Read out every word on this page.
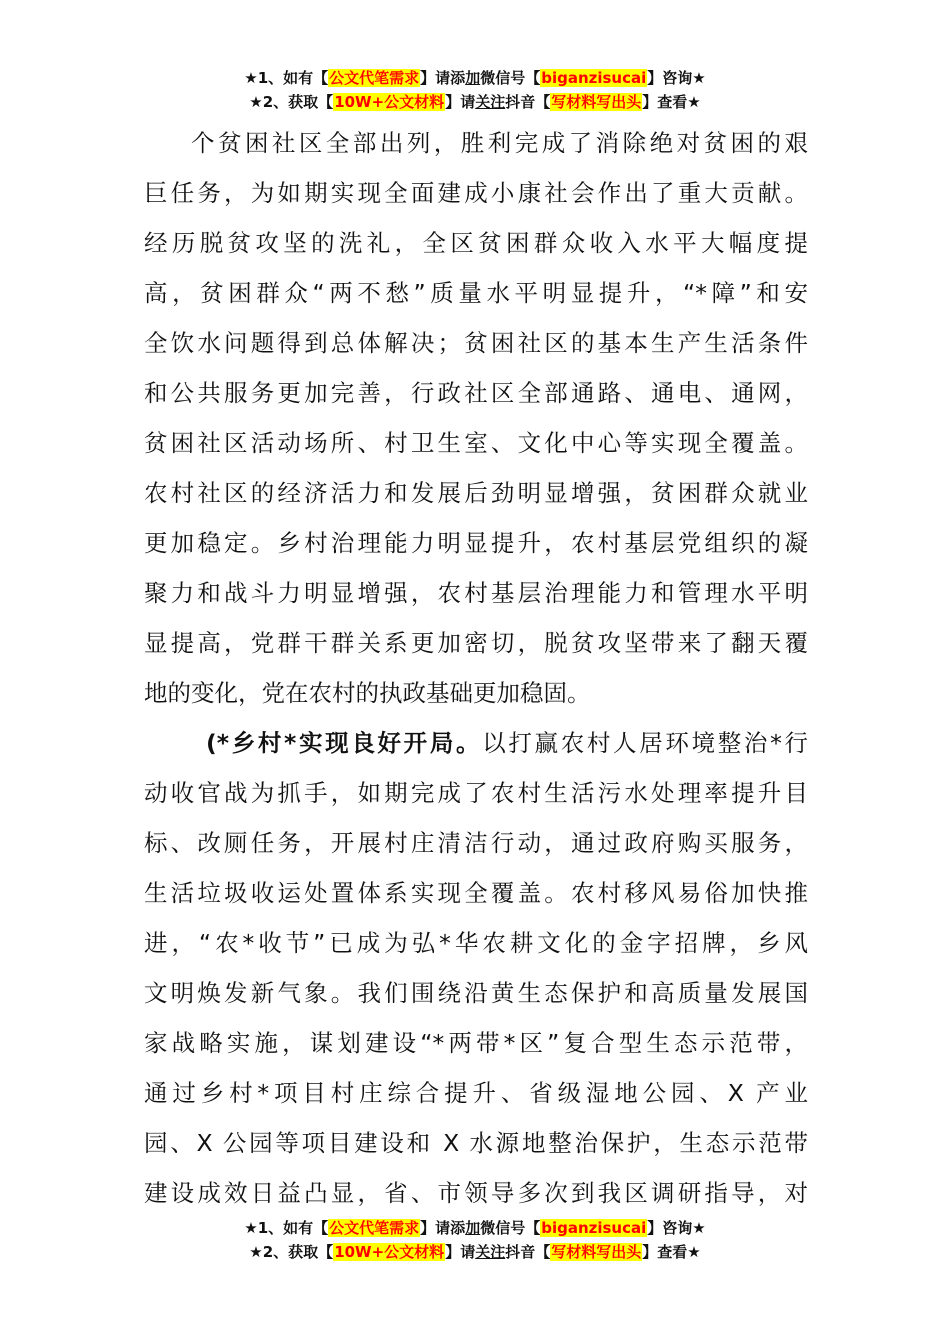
★1、如有【公文代笔需求】请添加微信号【biganzisucai】咨询★
★2、获取【10W+公文材料】请关注抖音【写材料写出头】查看★
个贫困社区全部出列，胜利完成了消除绝对贫困的艰
巨任务，为如期实现全面建成小康社会作出了重大贡献。
经历脱贫攻坚的洗礼，全区贫困群众收入水平大幅度提
高，贫困群众“两不愁”质量水平明显提升，“*障”和安
全饮水问题得到总体解决；贫困社区的基本生产生活条件
和公共服务更加完善，行政社区全部通路、通电、通网，
贫困社区活动场所、村卫生室、文化中心等实现全覆盖。
农村社区的经济活力和发展后劲明显增强，贫困群众就业
更加稳定。乡村治理能力明显提升，农村基层党组织的凝
聚力和战斗力明显增强，农村基层治理能力和管理水平明
显提高，党群干群关系更加密切，脱贫攻坚带来了翻天覆
地的变化，党在农村的执政基础更加稳固。
(*乡村*实现良好开局。以打赢农村人居环境整治*行
动收官战为抓手，如期完成了农村生活污水处理率提升目
标、改厕任务，开展村庄清洁行动，通过政府购买服务，
生活垃圾收运处置体系实现全覆盖。农村移风易俗加快推
进，“农*收节”已成为弘*华农耕文化的金字招牌，乡风
文明焕发新气象。我们围绕沿黄生态保护和高质量发展国
家战略实施，谋划建设“*两带*区”复合型生态示范带，
通过乡村*项目村庄综合提升、省级湿地公园、X 产业
园、X 公园等项目建设和 X 水源地整治保护，生态示范带
建设成效日益凸显，省、市领导多次到我区调研指导，对
★1、如有【公文代笔需求】请添加微信号【biganzisucai】咨询★
★2、获取【10W+公文材料】请关注抖音【写材料写出头】查看★
